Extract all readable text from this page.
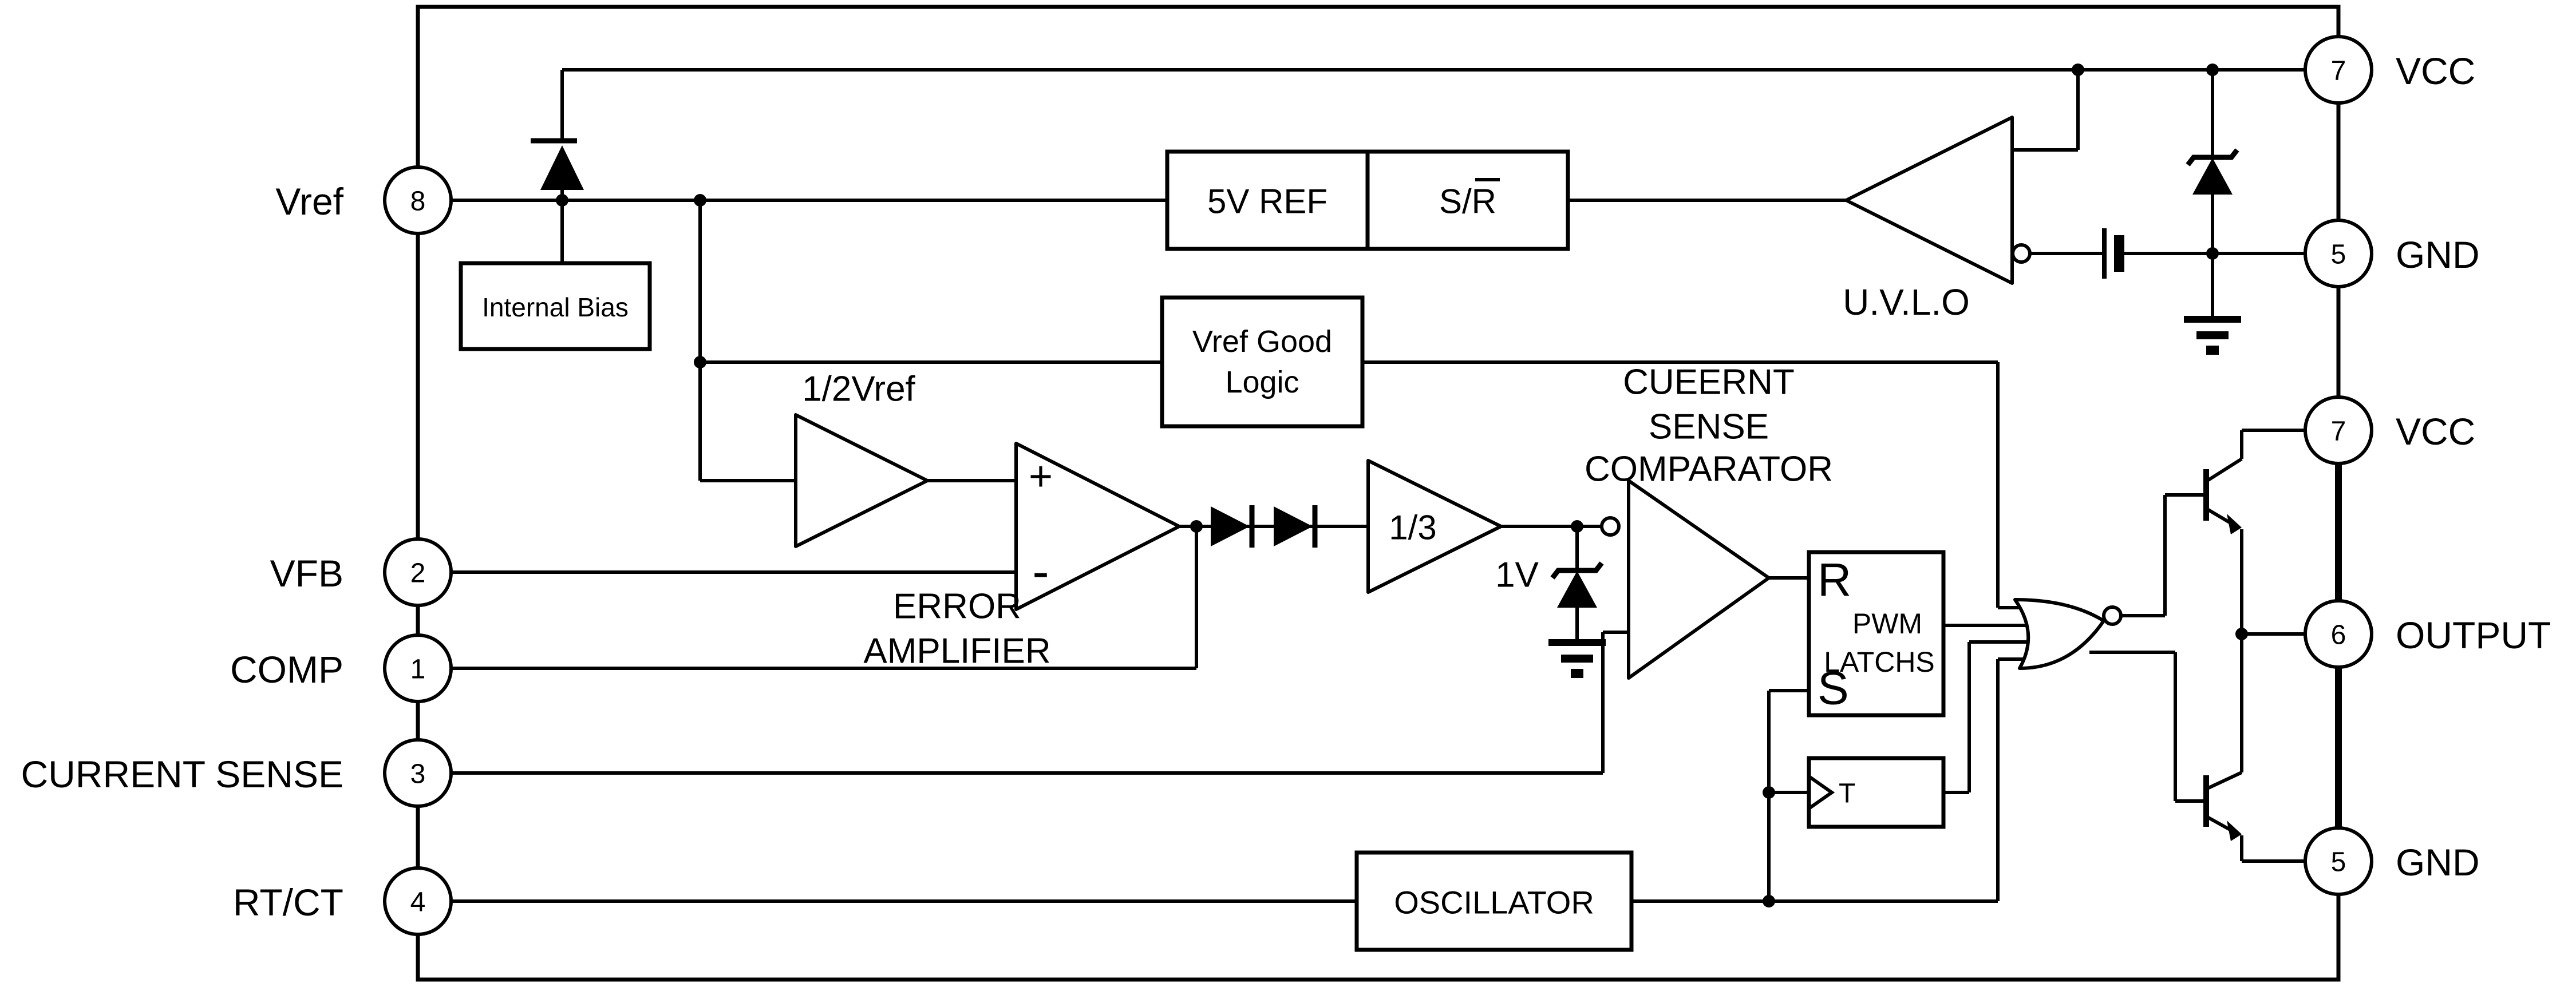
+
-
1/3
Internal Bias
5V REF	S/R
Vref Good
Logic
OSCILLATOR
R
PWM
LATCHS
S
T
1/2Vref
ERROR
AMPLIFIER
CUEERNT
SENSE
COMPARATOR
1V
U.V.L.O
8
Vref
2
VFB
1
COMP
3
CURRENT SENSE
4
RT/CT
7 VCC
5 GND
7 VCC
6 OUTPUT
5 GND
